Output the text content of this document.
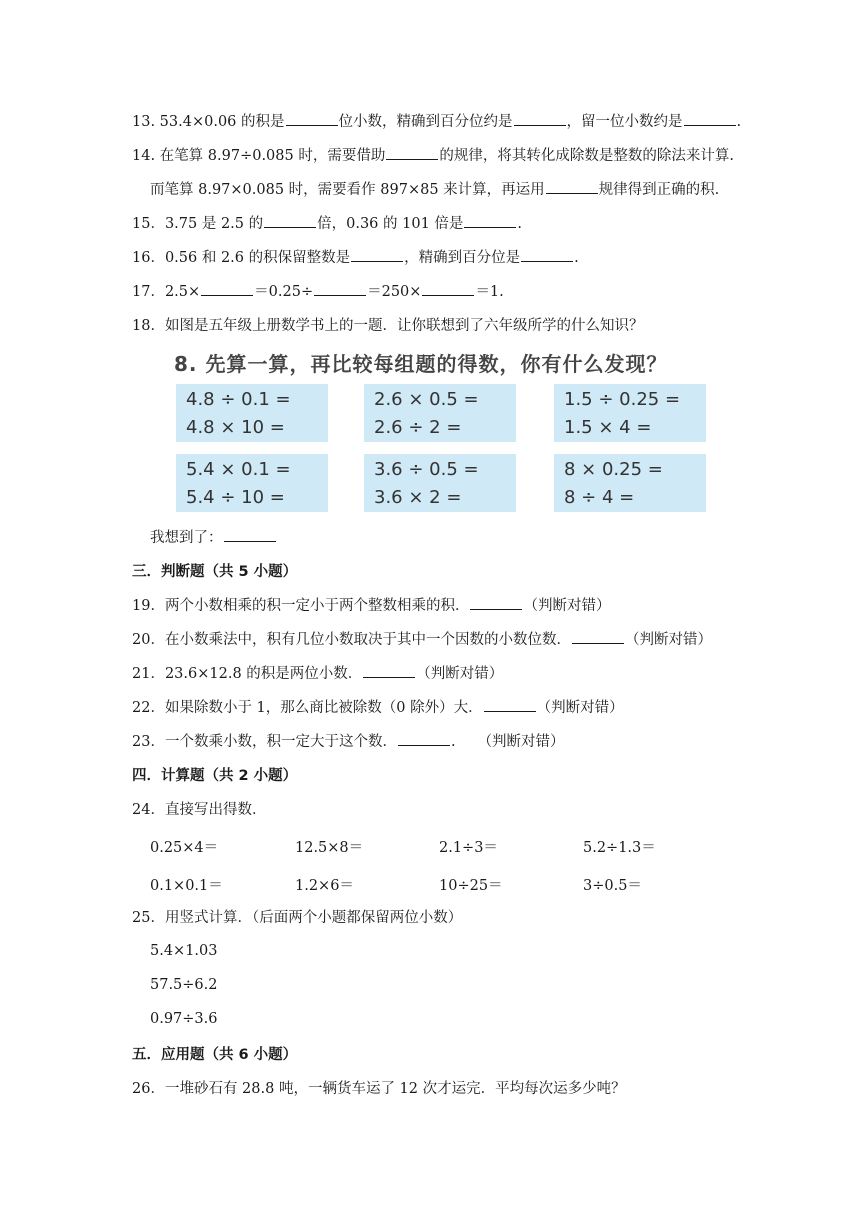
13. 53.4×0.06 的积是	位小数，精确到百分位约是	，留一位小数约是	.
14. 在笔算 8.97÷0.085 时，需要借助	的规律，将其转化成除数是整数的除法来计算.
而笔算 8.97×0.085 时，需要看作 897×85 来计算，再运用	规律得到正确的积.
15．3.75 是 2.5 的	倍，0.36 的 101 倍是	.
16．0.56 和 2.6 的积保留整数是	，精确到百分位是	.
17．2.5×	＝0.25÷	＝250×	＝1.
18．如图是五年级上册数学书上的一题．让你联想到了六年级所学的什么知识？
8. 先算一算，再比较每组题的得数，你有什么发现？
4.8 ÷ 0.1 =
4.8 × 10 =
2.6 × 0.5 =
2.6 ÷ 2 =
1.5 ÷ 0.25 =
1.5 × 4 =
5.4 × 0.1 =
5.4 ÷ 10 =
3.6 ÷ 0.5 =
3.6 × 2 =
8 × 0.25 =
8 ÷ 4 =
我想到了：
三．判断题（共 5 小题）
19．两个小数相乘的积一定小于两个整数相乘的积．	（判断对错）
20．在小数乘法中，积有几位小数取决于其中一个因数的小数位数．	（判断对错）
21．23.6×12.8 的积是两位小数．	（判断对错）
22．如果除数小于 1，那么商比被除数（0 除外）大．	（判断对错）
23．一个数乘小数，积一定大于这个数．	. （判断对错）
四．计算题（共 2 小题）
24．直接写出得数．
0.25×4＝	12.5×8＝	2.1÷3＝	5.2÷1.3＝
0.1×0.1＝	1.2×6＝	10÷25＝	3÷0.5＝
25．用竖式计算．（后面两个小题都保留两位小数）
5.4×1.03
57.5÷6.2
0.97÷3.6
五．应用题（共 6 小题）
26．一堆砂石有 28.8 吨，一辆货车运了 12 次才运完．平均每次运多少吨？
